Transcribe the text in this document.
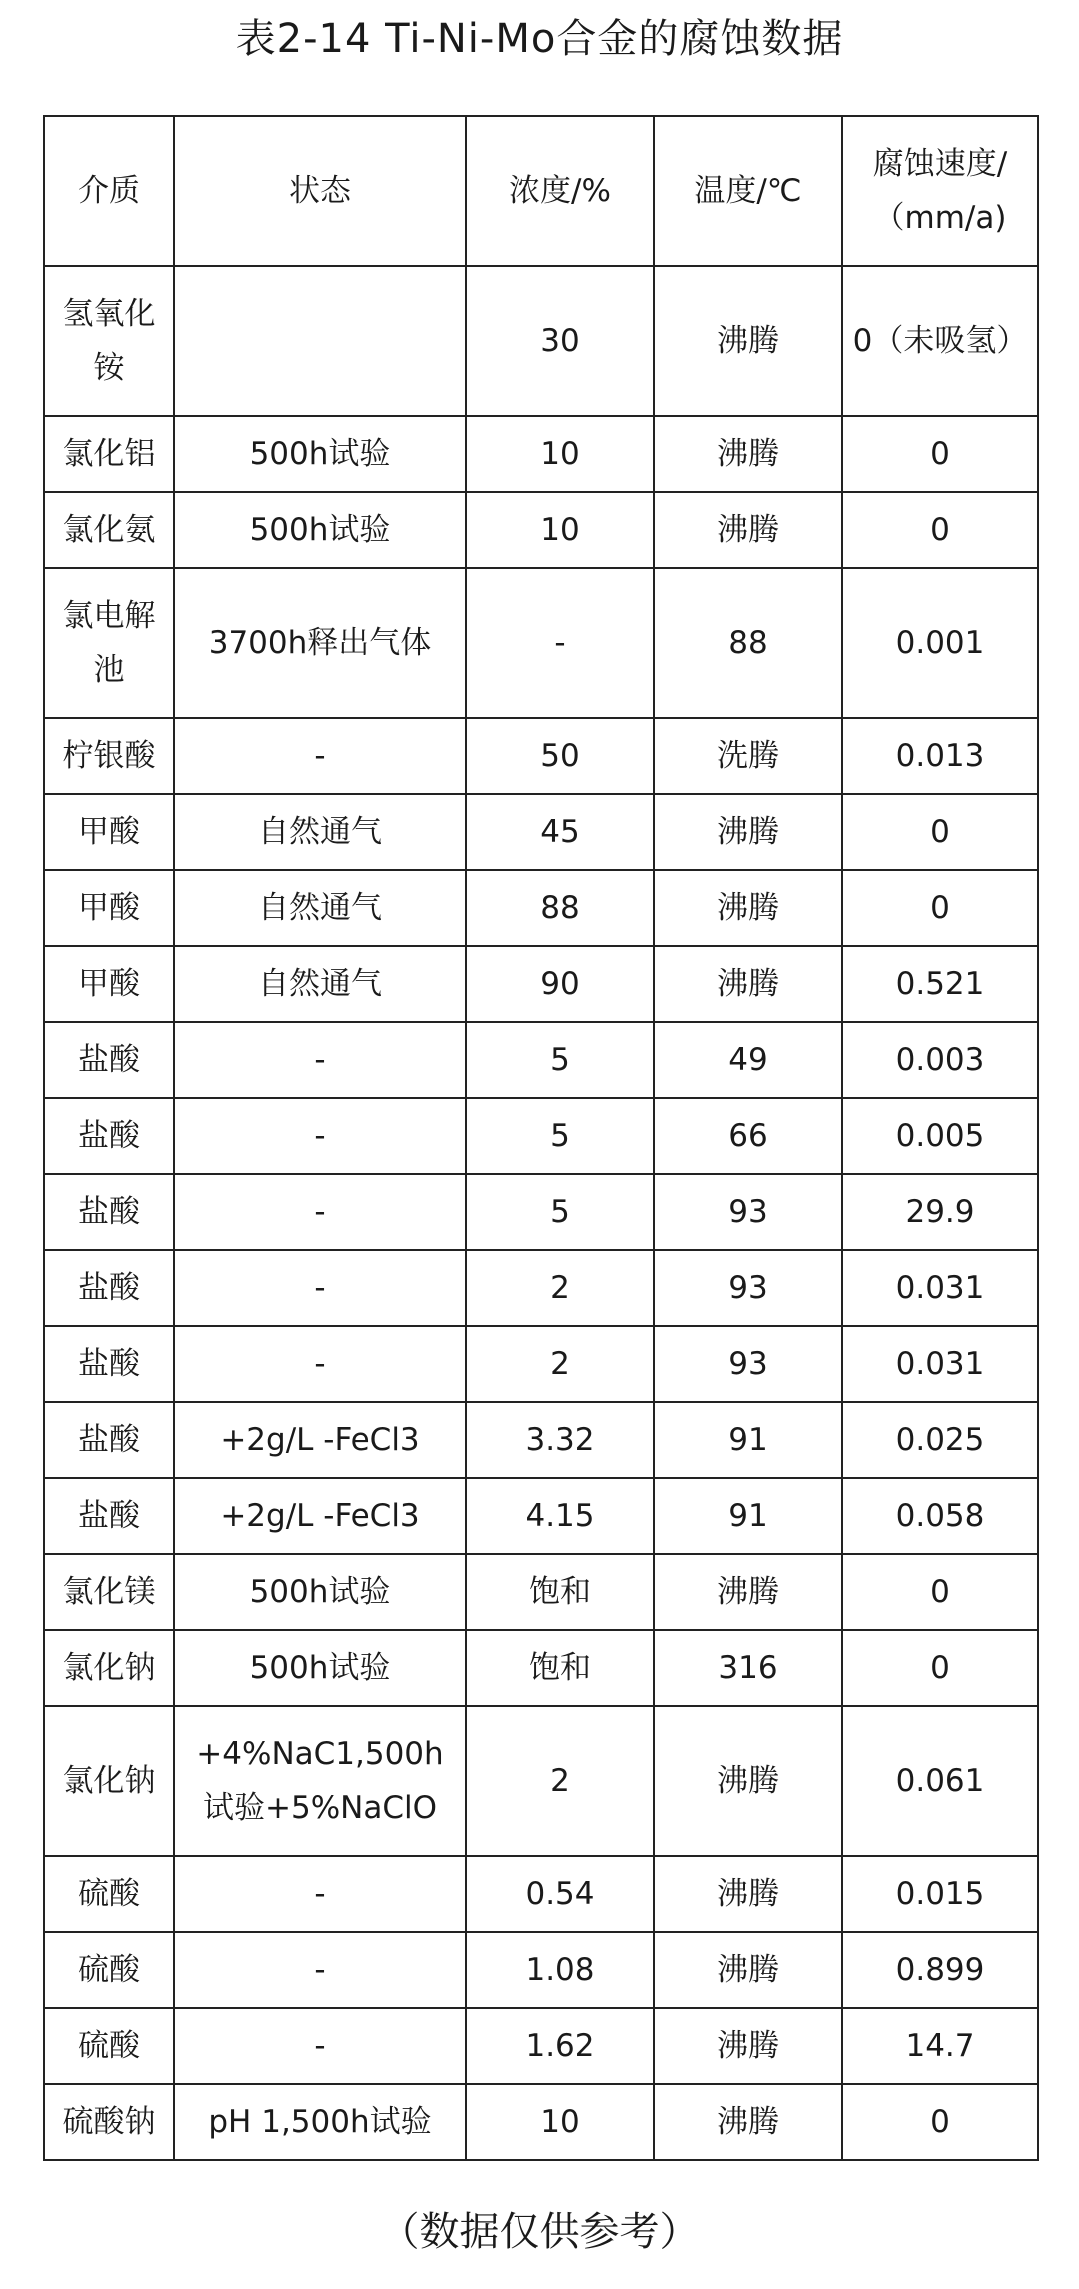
表2-14 Ti-Ni-Mo合金的腐蚀数据
介质	状态	浓度/%	温度/℃	腐蚀速度/（mm/a)
氢氧化铵		30	沸腾	0（未吸氢）
氯化铝	500h试验	10	沸腾	0
氯化氨	500h试验	10	沸腾	0
氯电解池	3700h释出气体	-	88	0.001
柠银酸	-	50	洗腾	0.013
甲酸	自然通气	45	沸腾	0
甲酸	自然通气	88	沸腾	0
甲酸	自然通气	90	沸腾	0.521
盐酸	-	5	49	0.003
盐酸	-	5	66	0.005
盐酸	-	5	93	29.9
盐酸	-	2	93	0.031
盐酸	-	2	93	0.031
盐酸	+2g/L -FeCl3	3.32	91	0.025
盐酸	+2g/L -FeCl3	4.15	91	0.058
氯化镁	500h试验	饱和	沸腾	0
氯化钠	500h试验	饱和	316	0
氯化钠	+4%NaC1,500h试验+5%NaClO	2	沸腾	0.061
硫酸	-	0.54	沸腾	0.015
硫酸	-	1.08	沸腾	0.899
硫酸	-	1.62	沸腾	14.7
硫酸钠	pH 1,500h试验	10	沸腾	0
（数据仅供参考）
